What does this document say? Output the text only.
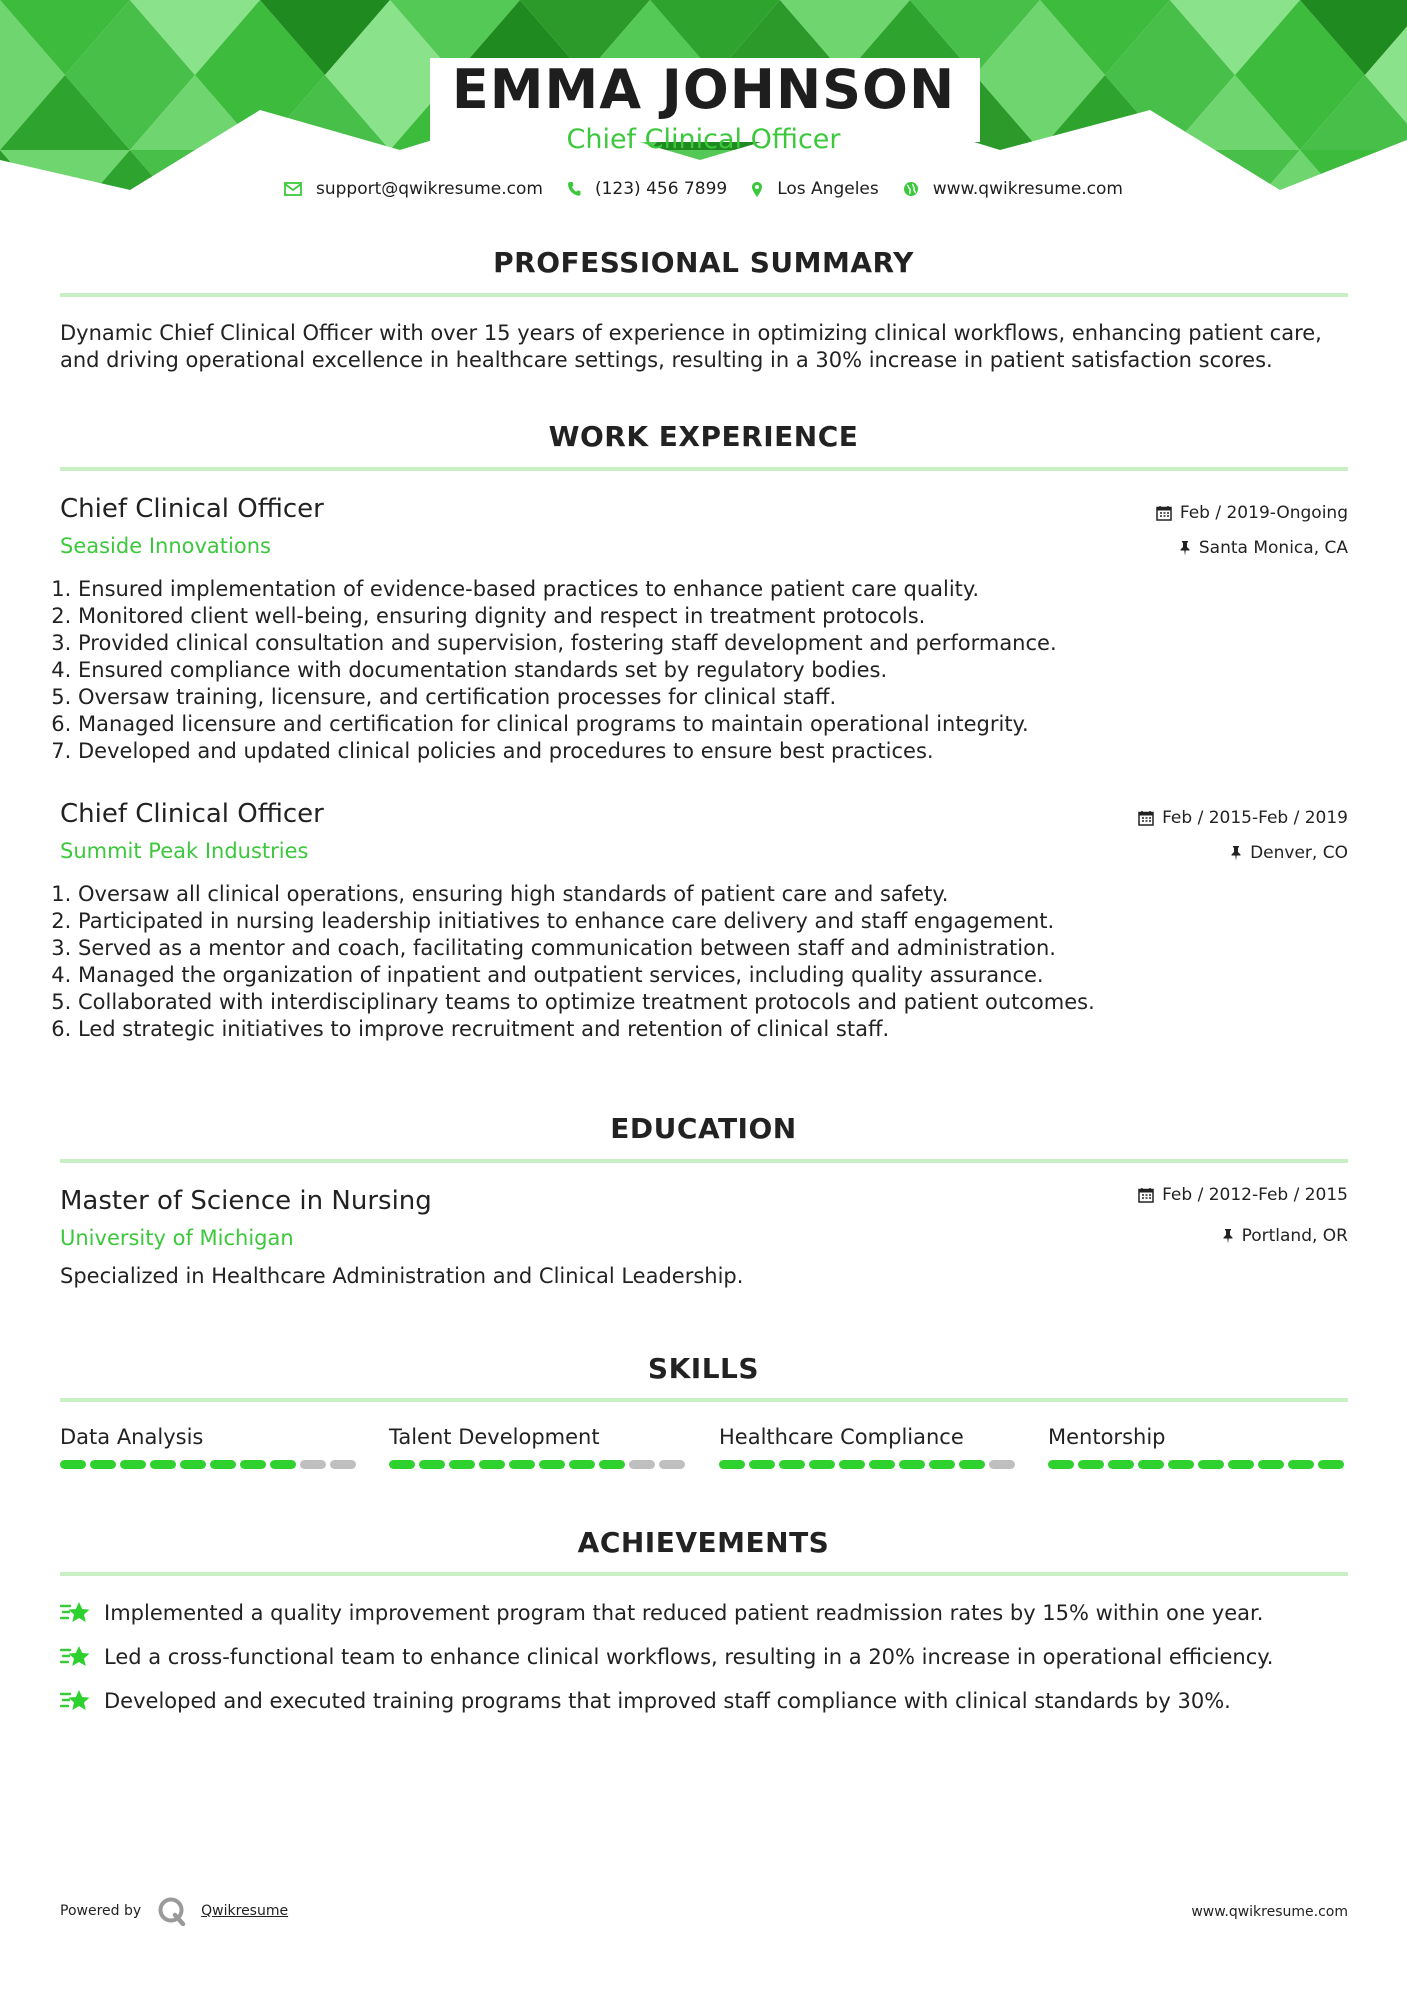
EMMA JOHNSON
Chief Clinical Officer
support@qwikresume.com	(123) 456 7899	Los Angeles	www.qwikresume.com
PROFESSIONAL SUMMARY
Dynamic Chief Clinical Officer with over 15 years of experience in optimizing clinical workflows, enhancing patient care,
and driving operational excellence in healthcare settings, resulting in a 30% increase in patient satisfaction scores.
WORK EXPERIENCE
Chief Clinical Officer
Seaside Innovations
Feb / 2019-Ongoing
Santa Monica, CA
1. Ensured implementation of evidence-based practices to enhance patient care quality.
2. Monitored client well-being, ensuring dignity and respect in treatment protocols.
3. Provided clinical consultation and supervision, fostering staff development and performance.
4. Ensured compliance with documentation standards set by regulatory bodies.
5. Oversaw training, licensure, and certification processes for clinical staff.
6. Managed licensure and certification for clinical programs to maintain operational integrity.
7. Developed and updated clinical policies and procedures to ensure best practices.
Chief Clinical Officer
Summit Peak Industries
Feb / 2015-Feb / 2019
Denver, CO
1. Oversaw all clinical operations, ensuring high standards of patient care and safety.
2. Participated in nursing leadership initiatives to enhance care delivery and staff engagement.
3. Served as a mentor and coach, facilitating communication between staff and administration.
4. Managed the organization of inpatient and outpatient services, including quality assurance.
5. Collaborated with interdisciplinary teams to optimize treatment protocols and patient outcomes.
6. Led strategic initiatives to improve recruitment and retention of clinical staff.
EDUCATION
Master of Science in Nursing
University of Michigan
Feb / 2012-Feb / 2015
Portland, OR
Specialized in Healthcare Administration and Clinical Leadership.
SKILLS
Data Analysis	Talent Development	Healthcare Compliance	Mentorship
ACHIEVEMENTS
Implemented a quality improvement program that reduced patient readmission rates by 15% within one year.
Led a cross-functional team to enhance clinical workflows, resulting in a 20% increase in operational efficiency.
Developed and executed training programs that improved staff compliance with clinical standards by 30%.
Powered by	Qwikresume	www.qwikresume.com
